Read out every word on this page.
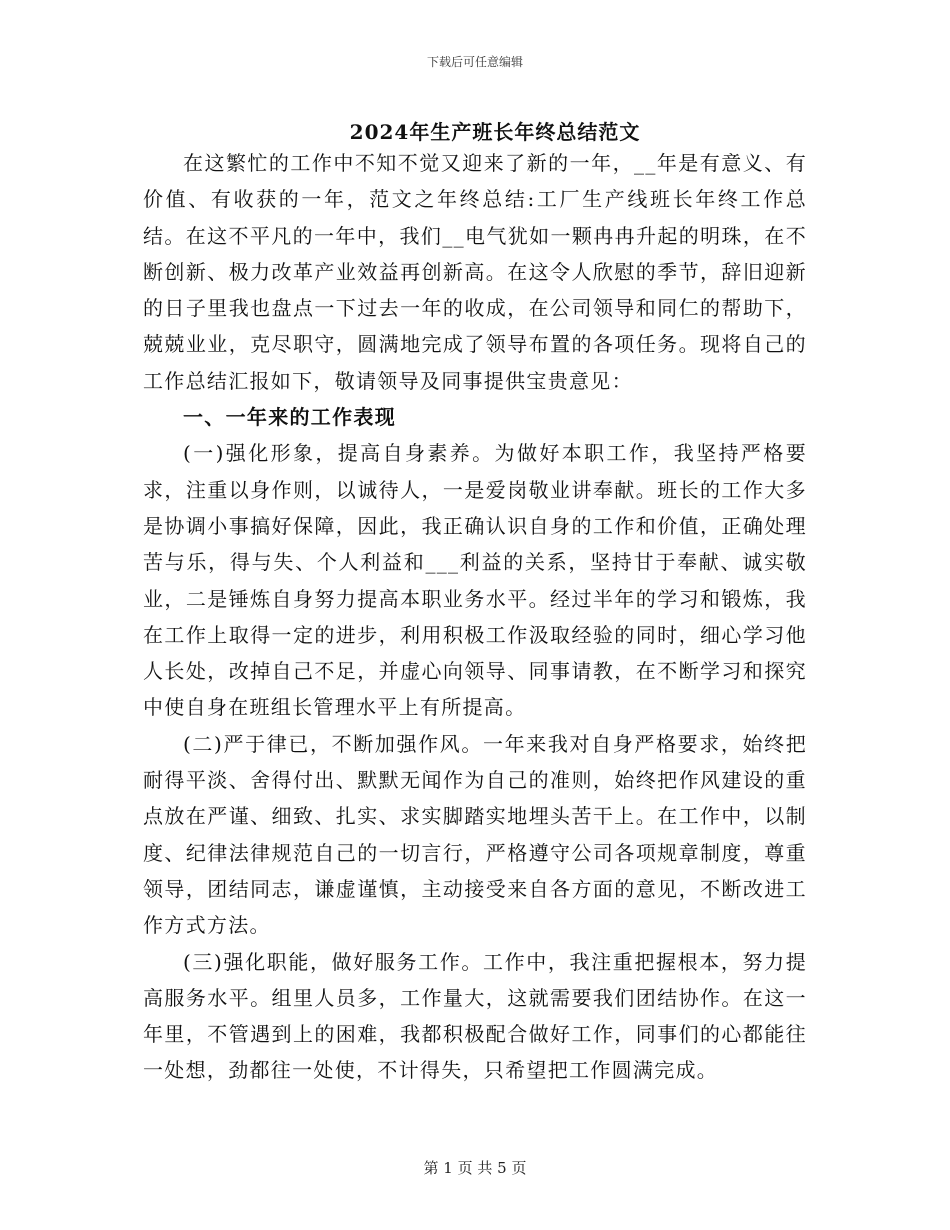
下载后可任意编辑
2024年生产班长年终总结范文

在这繁忙的工作中不知不觉又迎来了新的一年，__年是有意义、有价值、有收获的一年，范文之年终总结:工厂生产线班长年终工作总结。在这不平凡的一年中，我们__电气犹如一颗冉冉升起的明珠，在不断创新、极力改革产业效益再创新高。在这令人欣慰的季节，辞旧迎新的日子里我也盘点一下过去一年的收成，在公司领导和同仁的帮助下，兢兢业业，克尽职守，圆满地完成了领导布置的各项任务。现将自己的工作总结汇报如下，敬请领导及同事提供宝贵意见：

一、一年来的工作表现

(一)强化形象，提高自身素养。为做好本职工作，我坚持严格要求，注重以身作则，以诚待人，一是爱岗敬业讲奉献。班长的工作大多是协调小事搞好保障，因此，我正确认识自身的工作和价值，正确处理苦与乐，得与失、个人利益和___利益的关系，坚持甘于奉献、诚实敬业，二是锤炼自身努力提高本职业务水平。经过半年的学习和锻炼，我在工作上取得一定的进步，利用积极工作汲取经验的同时，细心学习他人长处，改掉自己不足，并虚心向领导、同事请教，在不断学习和探究中使自身在班组长管理水平上有所提高。

(二)严于律已，不断加强作风。一年来我对自身严格要求，始终把耐得平淡、舍得付出、默默无闻作为自己的准则，始终把作风建设的重点放在严谨、细致、扎实、求实脚踏实地埋头苦干上。在工作中，以制度、纪律法律规范自己的一切言行，严格遵守公司各项规章制度，尊重领导，团结同志，谦虚谨慎，主动接受来自各方面的意见，不断改进工作方式方法。

(三)强化职能，做好服务工作。工作中，我注重把握根本，努力提高服务水平。组里人员多，工作量大，这就需要我们团结协作。在这一年里，不管遇到上的困难，我都积极配合做好工作，同事们的心都能往一处想，劲都往一处使，不计得失，只希望把工作圆满完成。

第 1 页 共 5 页
